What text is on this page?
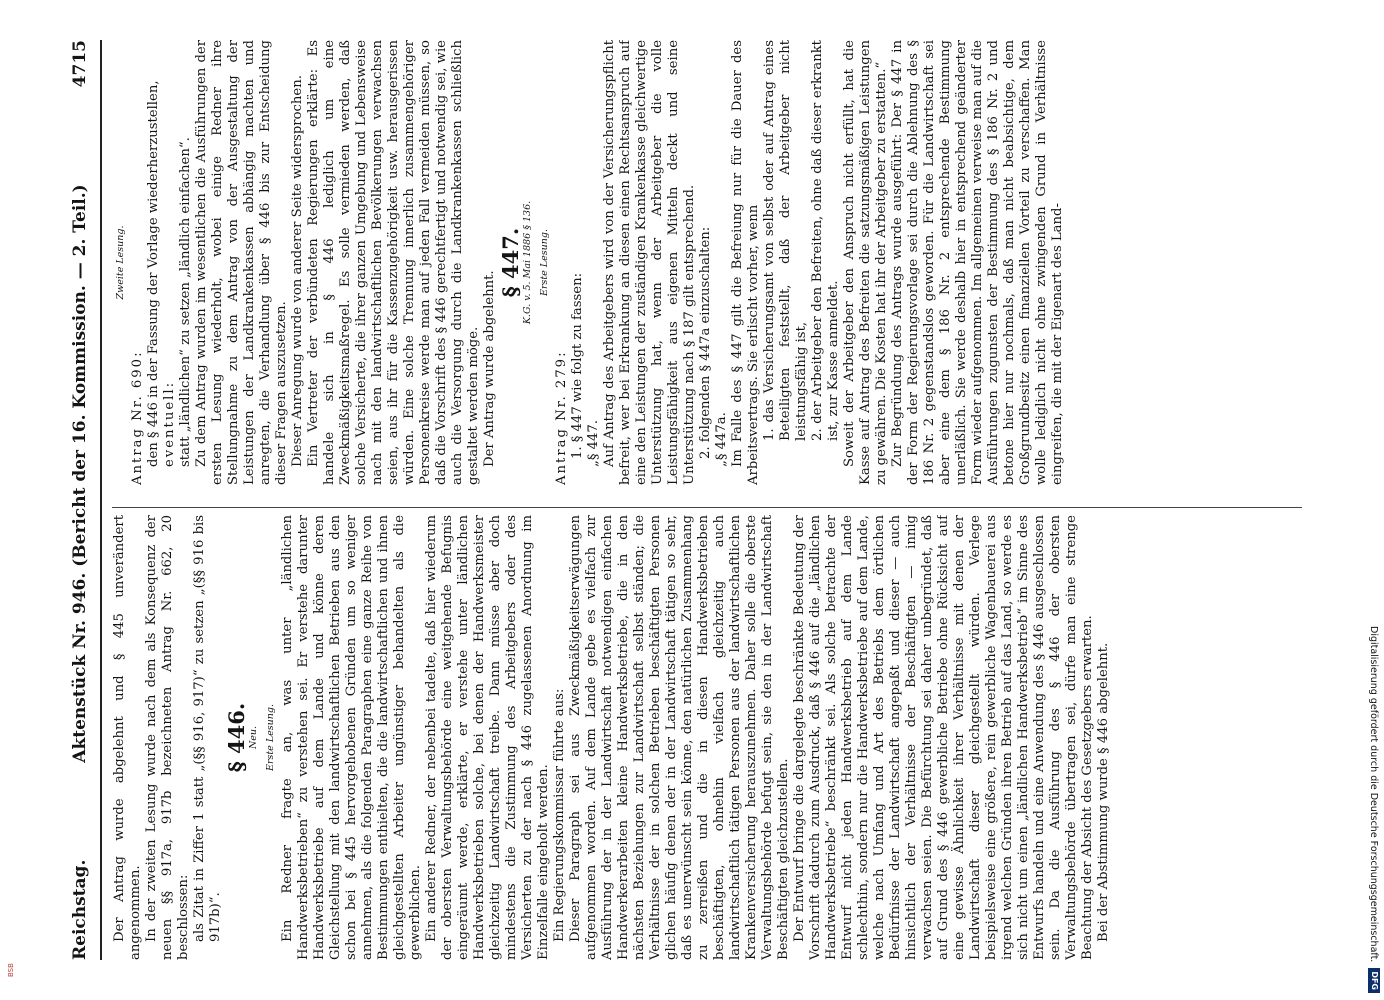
Reichstag.
Aktenstück Nr. 946. (Bericht der 16. Kommission. — 2. Teil.)
4715

Der Antrag wurde abgelehnt und § 445 unverändert angenommen. In der zweiten Lesung wurde nach dem als Konsequenz der neuen §§ 917a, 917b bezeichneten Antrag Nr. 662, 20 beschlossen: als Zitat in Ziffer 1 statt „(§§ 916, 917)“ zu setzen „(§§ 916 bis 917b)“.

§ 446. Neu. Erste Lesung. Ein Redner fragte an, was unter „ländlichen Handwerksbetrieben“ zu verstehen sei. Er verstehe darunter Handwerksbetriebe auf dem Lande und könne deren Gleichstellung mit den landwirtschaftlichen Betrieben aus den schon bei § 445 hervorgehobenen Gründen um so weniger annehmen, als die folgenden Paragraphen eine ganze Reihe von Bestimmungen enthielten, die die landwirtschaftlichen und ihnen gleichgestellten Arbeiter ungünstiger behandelten als die gewerblichen. Ein anderer Redner, der nebenbei tadelte, daß hier wiederum der obersten Verwaltungsbehörde eine weitgehende Befugnis eingeräumt werde, erklärte, er verstehe unter ländlichen Handwerksbetrieben solche, bei denen der Handwerksmeister gleichzeitig Landwirtschaft treibe. Dann müsse aber doch mindestens die Zustimmung des Arbeitgebers oder des Versicherten zu der nach § 446 zugelassenen Anordnung im Einzelfalle eingeholt werden. Ein Regierungskommissar führte aus: Dieser Paragraph sei aus Zweckmäßigkeitserwägungen aufgenommen worden. Auf dem Lande gebe es vielfach zur Ausführung der in der Landwirtschaft notwendigen einfachen Handwerkerarbeiten kleine Handwerksbetriebe, die in den nächsten Beziehungen zur Landwirtschaft selbst ständen; die Verhältnisse der in solchen Betrieben beschäftigten Personen glichen häufig denen der in der Landwirtschaft tätigen so sehr, daß es unerwünscht sein könne, den natürlichen Zusammenhang zu zerreißen und die in diesen Handwerksbetrieben beschäftigten, ohnehin vielfach gleichzeitig auch landwirtschaftlich tätigen Personen aus der landwirtschaftlichen Krankenversicherung herauszunehmen. Daher solle die oberste Verwaltungsbehörde befugt sein, sie den in der Landwirtschaft Beschäftigten gleichzustellen. Der Entwurf bringe die dargelegte beschränkte Bedeutung der Vorschrift dadurch zum Ausdruck, daß § 446 auf die „ländlichen Handwerksbetriebe“ beschränkt sei. Als solche betrachte der Entwurf nicht jeden Handwerksbetrieb auf dem Lande schlechthin, sondern nur die Handwerksbetriebe auf dem Lande, welche nach Umfang und Art des Betriebs dem örtlichen Bedürfnisse der Landwirtschaft angepaßt und dieser — auch hinsichtlich der Verhältnisse der Beschäftigten — innig verwachsen seien. Die Befürchtung sei daher unbegründet, daß auf Grund des § 446 gewerbliche Betriebe ohne Rücksicht auf eine gewisse Ähnlichkeit ihrer Verhältnisse mit denen der Landwirtschaft dieser gleichgestellt würden. Verlege beispielsweise eine größere, rein gewerbliche Wagenbauerei aus irgend welchen Gründen ihren Betrieb auf das Land, so werde es sich nicht um einen „ländlichen Handwerksbetrieb“ im Sinne des Entwurfs handeln und eine Anwendung des § 446 ausgeschlossen sein. Da die Ausführung des § 446 der obersten Verwaltungsbehörde übertragen sei, dürfe man eine strenge Beachtung der Absicht des Gesetzgebers erwarten. Bei der Abstimmung wurde § 446 abgelehnt.

Zweite Lesung.

Antrag Nr. 690: den § 446 in der Fassung der Vorlage wiederherzustellen, eventuell: statt „ländlichen“ zu setzen „ländlich einfachen“. Zu dem Antrag wurden im wesentlichen die Ausführungen der ersten Lesung wiederholt, wobei einige Redner ihre Stellungnahme zu dem Antrag von der Ausgestaltung der Leistungen der Landkrankenkassen abhängig machten und anregten, die Verhandlung über § 446 bis zur Entscheidung dieser Fragen auszusetzen. Dieser Anregung wurde von anderer Seite widersprochen. Ein Vertreter der verbündeten Regierungen erklärte: Es handele sich in § 446 lediglich um eine Zweckmäßigkeitsmaßregel. Es solle vermieden werden, daß solche Versicherte, die ihrer ganzen Umgebung und Lebensweise nach mit den landwirtschaftlichen Bevölkerungen verwachsen seien, aus ihr für die Kassenzugehörigkeit usw. herausgerissen würden. Eine solche Trennung innerlich zusammengehöriger Personenkreise werde man auf jeden Fall vermeiden müssen, so daß die Vorschrift des § 446 gerechtfertigt und notwendig sei, wie auch die Versorgung durch die Landkrankenkassen schließlich gestaltet werden möge. Der Antrag wurde abgelehnt.

§ 447. K.G. v. 5. Mai 1886 § 136. Erste Lesung.

Antrag Nr. 279: 1. § 447 wie folgt zu fassen: „§ 447. Auf Antrag des Arbeitgebers wird von der Versicherungspflicht befreit, wer bei Erkrankung an diesen einen Rechtsanspruch auf eine den Leistungen der zuständigen Krankenkasse gleichwertige Unterstützung hat, wenn der Arbeitgeber die volle Leistungsfähigkeit aus eigenen Mitteln deckt und seine Unterstützung nach § 187 gilt entsprechend. 2. folgenden § 447a einzuschalten: „§ 447a. Im Falle des § 447 gilt die Befreiung nur für die Dauer des Arbeitsvertrags. Sie erlischt vorher, wenn 1. das Versicherungsamt von selbst oder auf Antrag eines Beteiligten feststellt, daß der Arbeitgeber nicht leistungsfähig ist, 2. der Arbeitgeber den Befreiten, ohne daß dieser erkrankt ist, zur Kasse anmeldet. Soweit der Arbeitgeber den Anspruch nicht erfüllt, hat die Kasse auf Antrag des Befreiten die satzungsmäßigen Leistungen zu gewähren. Die Kosten hat ihr der Arbeitgeber zu erstatten.“ Zur Begründung des Antrags wurde ausgeführt: Der § 447 in der Form der Regierungsvorlage sei durch die Ablehnung des § 186 Nr. 2 gegenstandslos geworden. Für die Landwirtschaft sei aber eine dem § 186 Nr. 2 entsprechende Bestimmung unerläßlich. Sie werde deshalb hier in entsprechend geänderter Form wieder aufgenommen. Im allgemeinen verweise man auf die Ausführungen zugunsten der Bestimmung des § 186 Nr. 2 und betone hier nur nochmals, daß man nicht beabsichtige, dem Großgrundbesitz einen finanziellen Vorteil zu verschaffen. Man wolle lediglich nicht ohne zwingenden Grund in Verhältnisse eingreifen, die mit der Eigenart des Land-

Digitalisierung gefördert durch die Deutsche Forschungsgemeinschaft.
DFG
BSB
